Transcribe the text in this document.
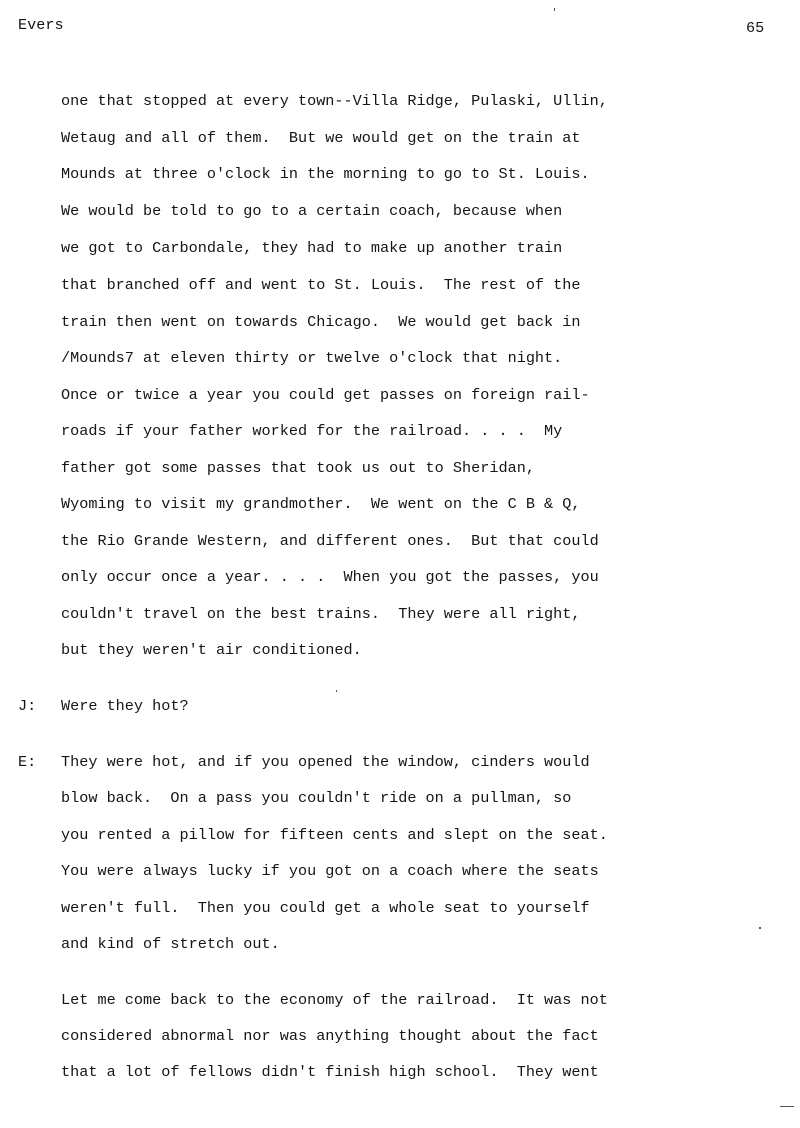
Evers	65
one that stopped at every town--Villa Ridge, Pulaski, Ullin,
Wetaug and all of them.  But we would get on the train at
Mounds at three o'clock in the morning to go to St. Louis.
We would be told to go to a certain coach, because when
we got to Carbondale, they had to make up another train
that branched off and went to St. Louis.  The rest of the
train then went on towards Chicago.  We would get back in
/Mounds7 at eleven thirty or twelve o'clock that night.
Once or twice a year you could get passes on foreign rail-
roads if your father worked for the railroad. . . .  My
father got some passes that took us out to Sheridan,
Wyoming to visit my grandmother.  We went on the C B & Q,
the Rio Grande Western, and different ones.  But that could
only occur once a year. . . .  When you got the passes, you
couldn't travel on the best trains.  They were all right,
but they weren't air conditioned.
J: Were they hot?
E: They were hot, and if you opened the window, cinders would
blow back.  On a pass you couldn't ride on a pullman, so
you rented a pillow for fifteen cents and slept on the seat.
You were always lucky if you got on a coach where the seats
weren't full.  Then you could get a whole seat to yourself
and kind of stretch out.
Let me come back to the economy of the railroad.  It was not
considered abnormal nor was anything thought about the fact
that a lot of fellows didn't finish high school.  They went
